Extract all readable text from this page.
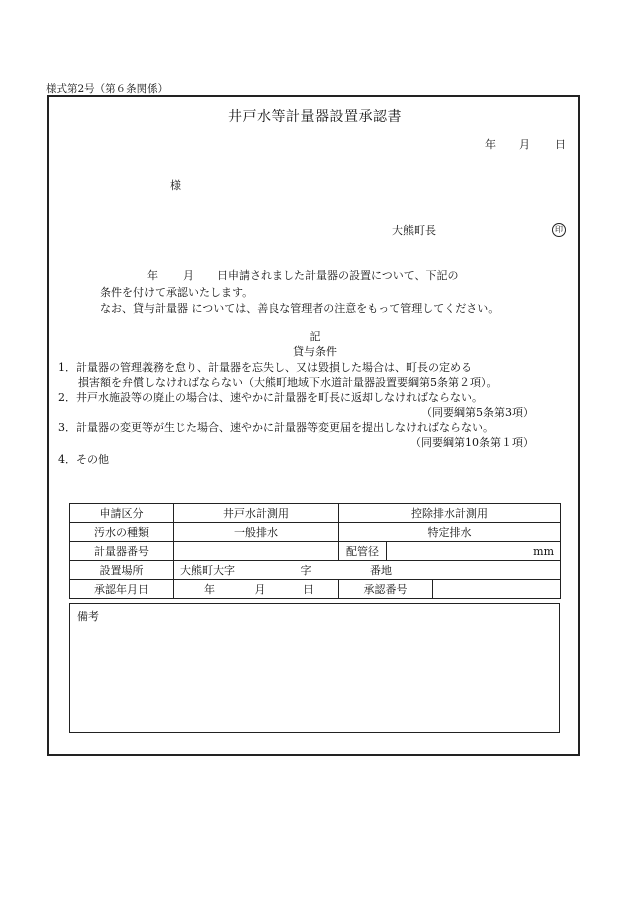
様式第2号（第６条関係）
井戸水等計量器設置承認書
年 月 日
様
大熊町長	印
年 月 日申請されました計量器の設置について、下記の
条件を付けて承認いたします。
なお、貸与計量器 については、善良な管理者の注意をもって管理してください。
記
貸与条件
1．計量器の管理義務を怠り、計量器を忘失し、又は毀損した場合は、町長の定める
損害額を弁償しなければならない（大熊町地域下水道計量器設置要綱第5条第２項）。
2．井戸水施設等の廃止の場合は、速やかに計量器を町長に返却しなければならない。
（同要綱第5条第3項）
3．計量器の変更等が生じた場合、速やかに計量器等変更届を提出しなければならない。
（同要綱第10条第１項）
4．その他
申請区分	井戸水計測用	控除排水計測用		
汚水の種類	一般排水	特定排水		
計量器番号		配管径	mm	
設置場所	大熊町大字 字 番地			
承認年月日	年 月 日	承認番号		
備考
